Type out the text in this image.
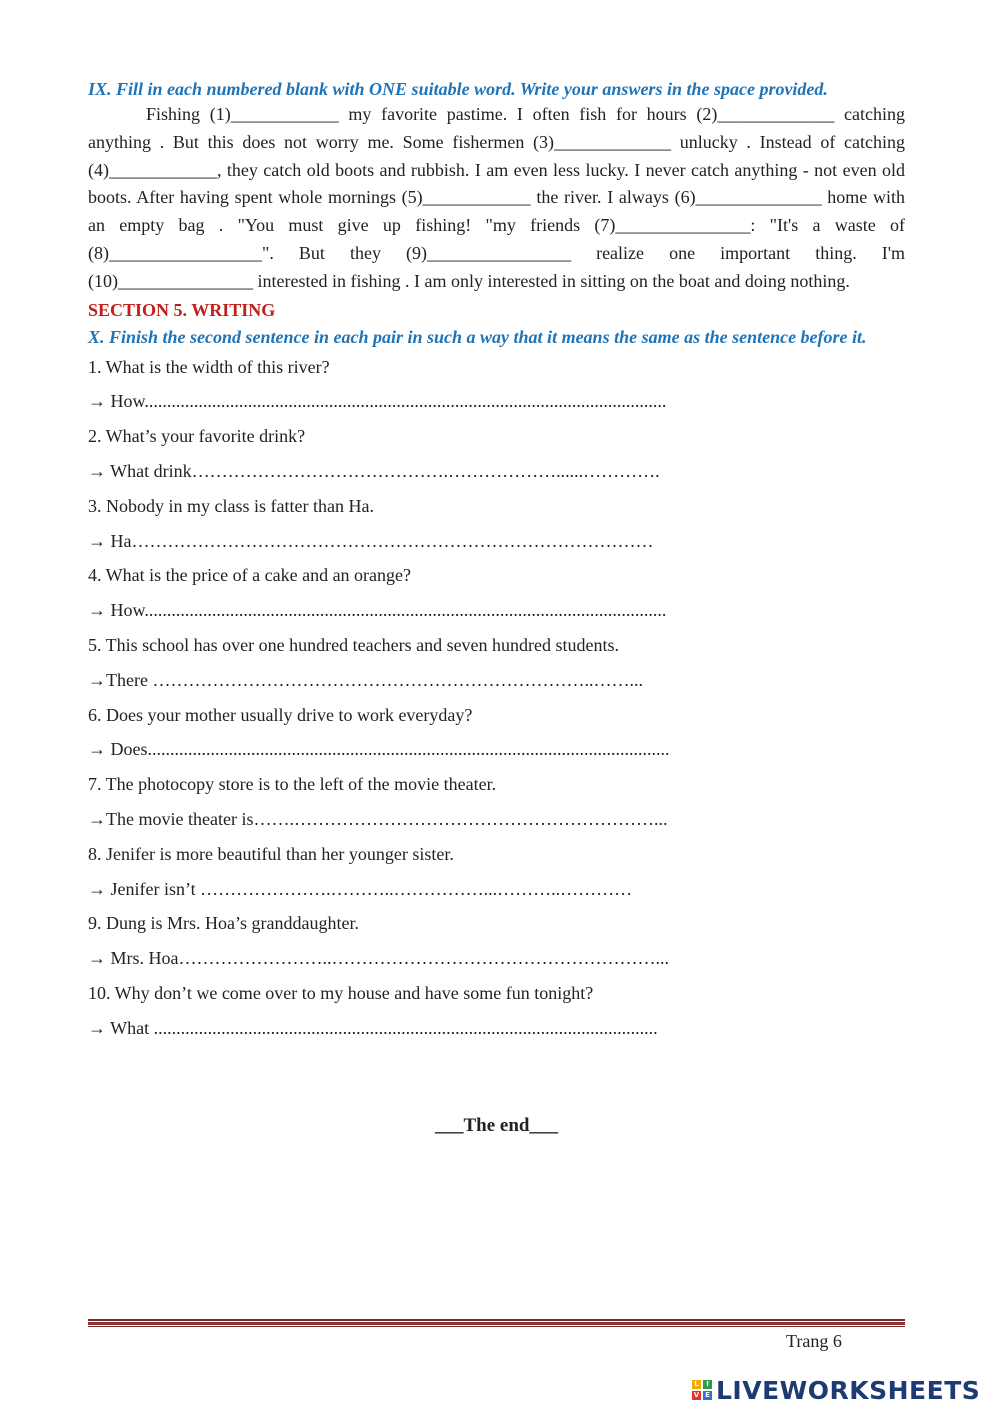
IX. Fill in each numbered blank with ONE suitable word. Write your answers in the space provided.

Fishing (1)____________ my favorite pastime. I often fish for hours (2)_____________ catching anything . But this does not worry me. Some fishermen (3)_____________ unlucky . Instead of catching (4)____________, they catch old boots and rubbish. I am even less lucky. I never catch anything - not even old boots. After having spent whole mornings (5)____________ the river. I always (6)______________ home with an empty bag . "You must give up fishing! "my friends (7)_______________: "It's a waste of (8)_________________". But they (9)________________ realize one important thing. I'm (10)_______________ interested in fishing . I am only interested in sitting on the boat and doing nothing.

SECTION 5. WRITING

X. Finish the second sentence in each pair in such a way that it means the same as the sentence before it.

1. What is the width of this river?
→ How....................................................................................................................
2. What’s your favorite drink?
→ What drink…………………………………….………………......………….
3. Nobody in my class is fatter than Ha.
→ Ha……………………………………………………………………………
4. What is the price of a cake and an orange?
→ How....................................................................................................................
5. This school has over one hundred teachers and seven hundred students.
→There ………………………………………………………………..……...
6. Does your mother usually drive to work everyday?
→ Does....................................................................................................................
7. The photocopy store is to the left of the movie theater.
→The movie theater is…….……………………………………………………...
8. Jenifer is more beautiful than her younger sister.
→ Jenifer isn’t ………………….………..……………...………..…………
9. Dung is Mrs. Hoa’s granddaughter.
→ Mrs. Hoa……………………..………………………………………………...
10. Why don’t we come over to my house and have some fun tonight?
→ What ................................................................................................................
___The end___
Trang 6
L	I
V E LIVEWORKSHEETS
